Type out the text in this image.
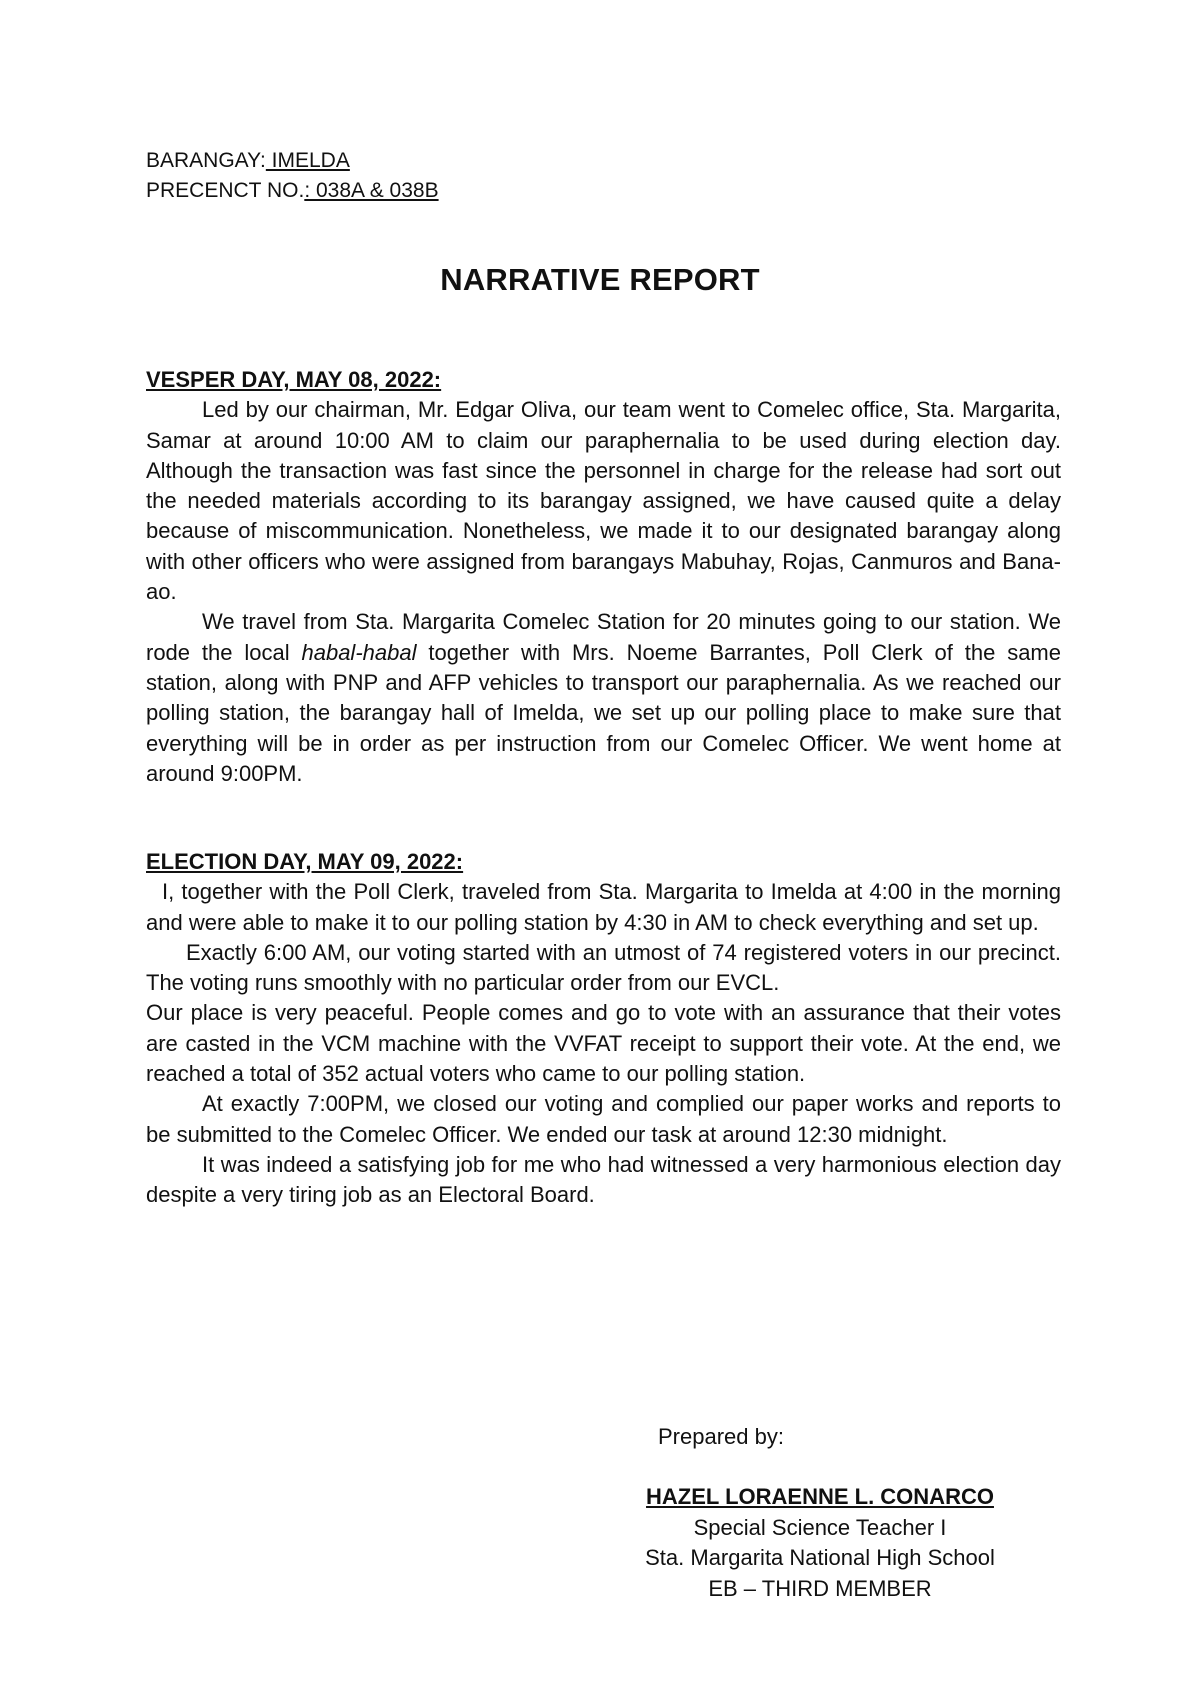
BARANGAY: IMELDA
PRECENCT NO.: 038A & 038B
NARRATIVE REPORT

VESPER DAY, MAY 08, 2022:

Led by our chairman, Mr. Edgar Oliva, our team went to Comelec office, Sta. Margarita, Samar at around 10:00 AM to claim our paraphernalia to be used during election day. Although the transaction was fast since the personnel in charge for the release had sort out the needed materials according to its barangay assigned, we have caused quite a delay because of miscommunication. Nonetheless, we made it to our designated barangay along with other officers who were assigned from barangays Mabuhay, Rojas, Canmuros and Bana-ao.

We travel from Sta. Margarita Comelec Station for 20 minutes going to our station. We rode the local habal-habal together with Mrs. Noeme Barrantes, Poll Clerk of the same station, along with PNP and AFP vehicles to transport our paraphernalia. As we reached our polling station, the barangay hall of Imelda, we set up our polling place to make sure that everything will be in order as per instruction from our Comelec Officer. We went home at around 9:00PM.

ELECTION DAY, MAY 09, 2022:

I, together with the Poll Clerk, traveled from Sta. Margarita to Imelda at 4:00 in the morning and were able to make it to our polling station by 4:30 in AM to check everything and set up.

Exactly 6:00 AM, our voting started with an utmost of 74 registered voters in our precinct. The voting runs smoothly with no particular order from our EVCL.

Our place is very peaceful. People comes and go to vote with an assurance that their votes are casted in the VCM machine with the VVFAT receipt to support their vote. At the end, we reached a total of 352 actual voters who came to our polling station.

At exactly 7:00PM, we closed our voting and complied our paper works and reports to be submitted to the Comelec Officer. We ended our task at around 12:30 midnight.

It was indeed a satisfying job for me who had witnessed a very harmonious election day despite a very tiring job as an Electoral Board.

Prepared by:
HAZEL LORAENNE L. CONARCO
Special Science Teacher I
Sta. Margarita National High School
EB – THIRD MEMBER
